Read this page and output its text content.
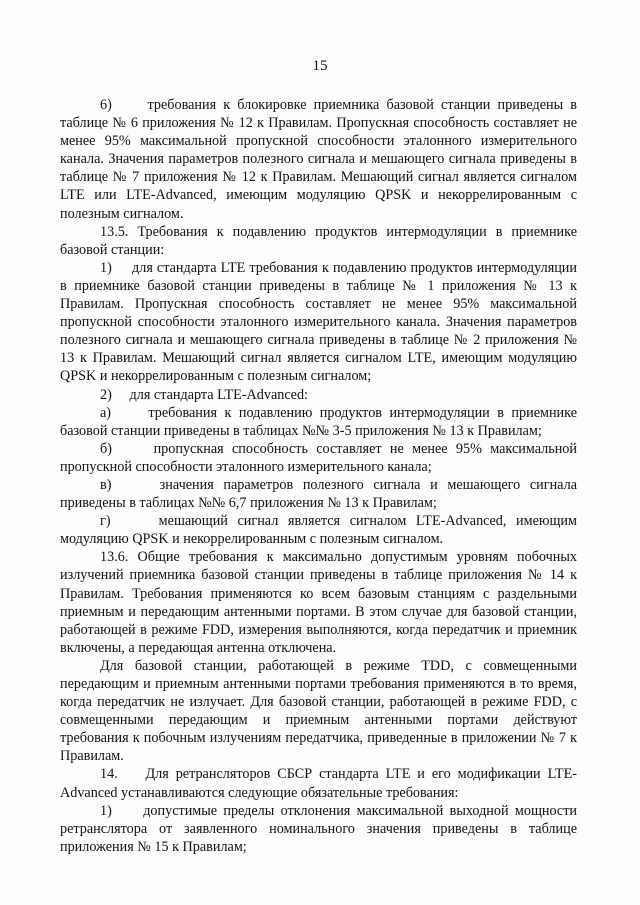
15

6)     требования к блокировке приемника базовой станции приведены в таблице № 6 приложения № 12 к Правилам. Пропускная способность составляет не менее 95% максимальной пропускной способности эталонного измерительного канала. Значения параметров полезного сигнала и мешающего сигнала приведены в таблице № 7 приложения № 12 к Правилам. Мешающий сигнал является сигналом LTE или LTE-Advanced, имеющим модуляцию QPSK и некоррелированным с полезным сигналом.

13.5. Требования к подавлению продуктов интермодуляции в приемнике базовой станции:

1)     для стандарта LTE требования к подавлению продуктов интермодуляции в приемнике базовой станции приведены в таблице № 1 приложения № 13 к Правилам. Пропускная способность составляет не менее 95% максимальной пропускной способности эталонного измерительного канала. Значения параметров полезного сигнала и мешающего сигнала приведены в таблице № 2 приложения № 13 к Правилам. Мешающий сигнал является сигналом LTE, имеющим модуляцию QPSK и некоррелированным с полезным сигналом;

2)     для стандарта LTE-Advanced:

а)     требования к подавлению продуктов интермодуляции в приемнике базовой станции приведены в таблицах №№ 3-5 приложения № 13 к Правилам;

б)     пропускная способность составляет не менее 95% максимальной пропускной способности эталонного измерительного канала;

в)     значения параметров полезного сигнала и мешающего сигнала приведены в таблицах №№ 6,7 приложения № 13 к Правилам;

г)     мешающий сигнал является сигналом LTE-Advanced, имеющим модуляцию QPSK и некоррелированным с полезным сигналом.

13.6. Общие требования к максимально допустимым уровням побочных излучений приемника базовой станции приведены в таблице приложения № 14 к Правилам. Требования применяются ко всем базовым станциям с раздельными приемным и передающим антенными портами. В этом случае для базовой станции, работающей в режиме FDD, измерения выполняются, когда передатчик и приемник включены, а передающая антенна отключена.

Для базовой станции, работающей в режиме TDD, с совмещенными передающим и приемным антенными портами требования применяются в то время, когда передатчик не излучает. Для базовой станции, работающей в режиме FDD, с совмещенными передающим и приемным антенными портами действуют требования к побочным излучениям передатчика, приведенные в приложении № 7 к Правилам.

14.    Для ретрансляторов СБСР стандарта LTE и его модификации LTE-Advanced устанавливаются следующие обязательные требования:

1)     допустимые пределы отклонения максимальной выходной мощности ретранслятора от заявленного номинального значения приведены в таблице приложения № 15 к Правилам;
